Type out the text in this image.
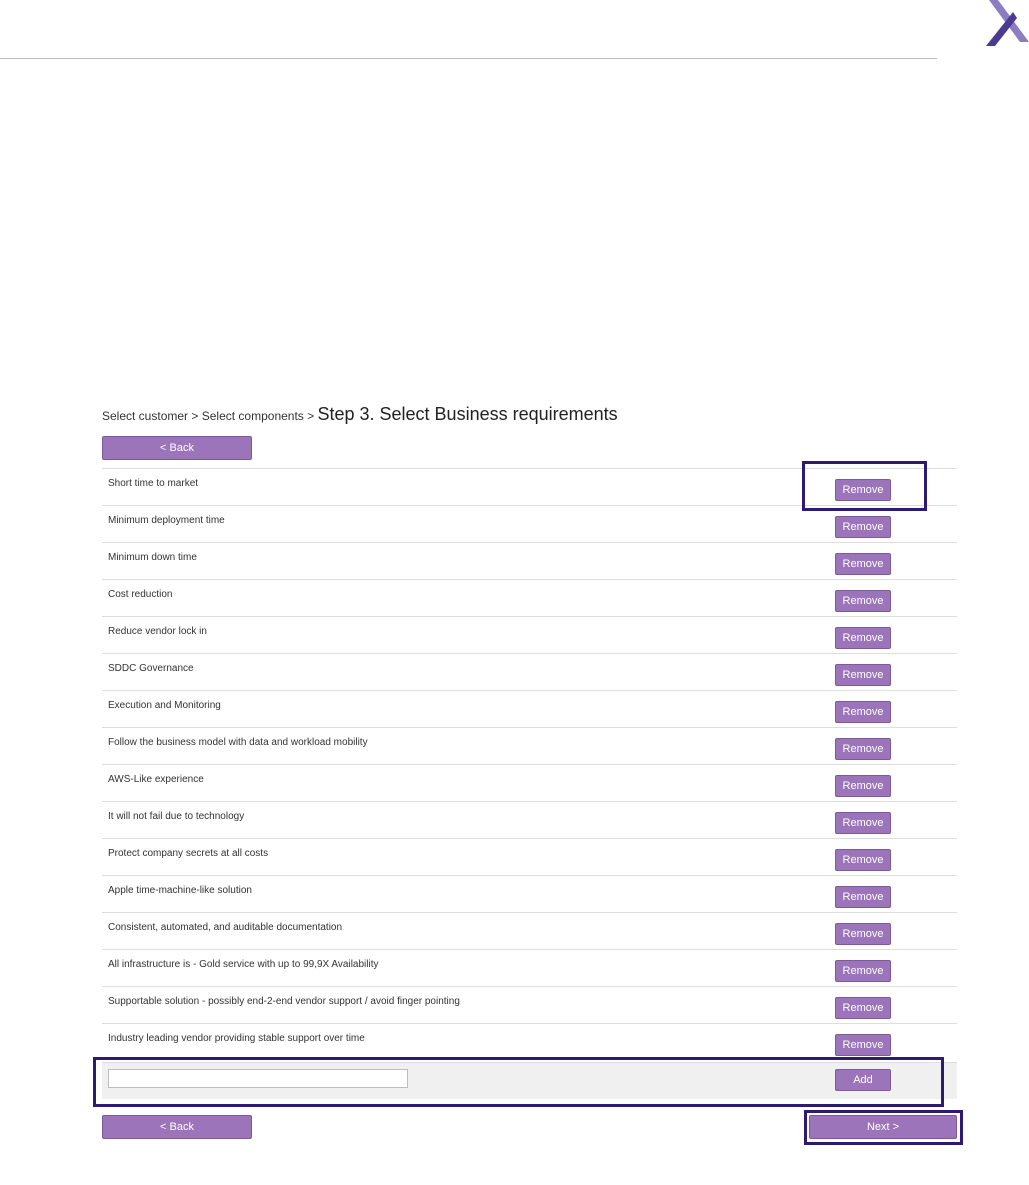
Select customer > Select components > Step 3. Select Business requirements
< Back
Short time to market
Remove
Minimum deployment time
Remove
Minimum down time
Remove
Cost reduction
Remove
Reduce vendor lock in
Remove
SDDC Governance
Remove
Execution and Monitoring
Remove
Follow the business model with data and workload mobility
Remove
AWS-Like experience
Remove
It will not fail due to technology
Remove
Protect company secrets at all costs
Remove
Apple time-machine-like solution
Remove
Consistent, automated, and auditable documentation
Remove
All infrastructure is - Gold service with up to 99,9X Availability
Remove
Supportable solution - possibly end-2-end vendor support / avoid finger pointing
Remove
Industry leading vendor providing stable support over time
Remove
Add
< Back	Next >
